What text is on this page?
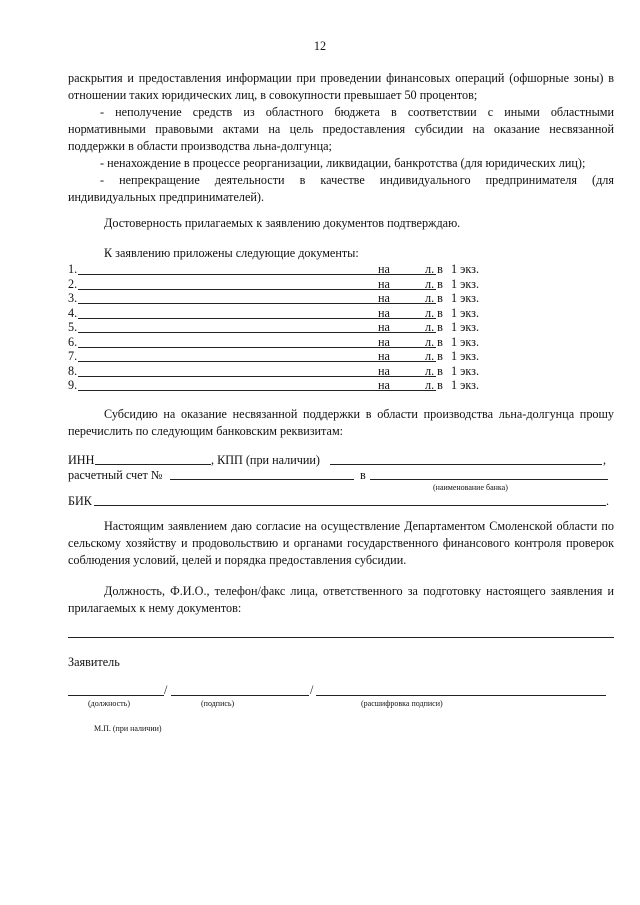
12
раскрытия и предоставления информации при проведении финансовых операций (офшорные зоны) в отношении таких юридических лиц, в совокупности превышает 50 процентов;
- неполучение средств из областного бюджета в соответствии с иными областными нормативными правовыми актами на цель предоставления субсидии на оказание несвязанной поддержки в области производства льна-долгунца;
- ненахождение в процессе реорганизации, ликвидации, банкротства (для юридических лиц);
- непрекращение деятельности в качестве индивидуального предпринимателя (для индивидуальных предпринимателей).
Достоверность прилагаемых к заявлению документов подтверждаю.
К заявлению приложены следующие документы:
1.	на	л. в 1 экз.
2.	на	л. в 1 экз.
3.	на	л. в 1 экз.
4.	на	л. в 1 экз.
5.	на	л. в 1 экз.
6.	на	л. в 1 экз.
7.	на	л. в 1 экз.
8.	на	л. в 1 экз.
9.	на	л. в 1 экз.
Субсидию на оказание несвязанной поддержки в области производства льна-долгунца прошу перечислить по следующим банковским реквизитам:
ИНН	, КПП (при наличии)	,
расчетный счет №	в
(наименование банка)
БИК	.
Настоящим заявлением даю согласие на осуществление Департаментом Смоленской области по сельскому хозяйству и продовольствию и органами государственного финансового контроля проверок соблюдения условий, целей и порядка предоставления субсидии.
Должность, Ф.И.О., телефон/факс лица, ответственного за подготовку настоящего заявления и прилагаемых к нему документов:
Заявитель
/	/
(должность)	(подпись)	(расшифровка подписи)
М.П. (при наличии)
